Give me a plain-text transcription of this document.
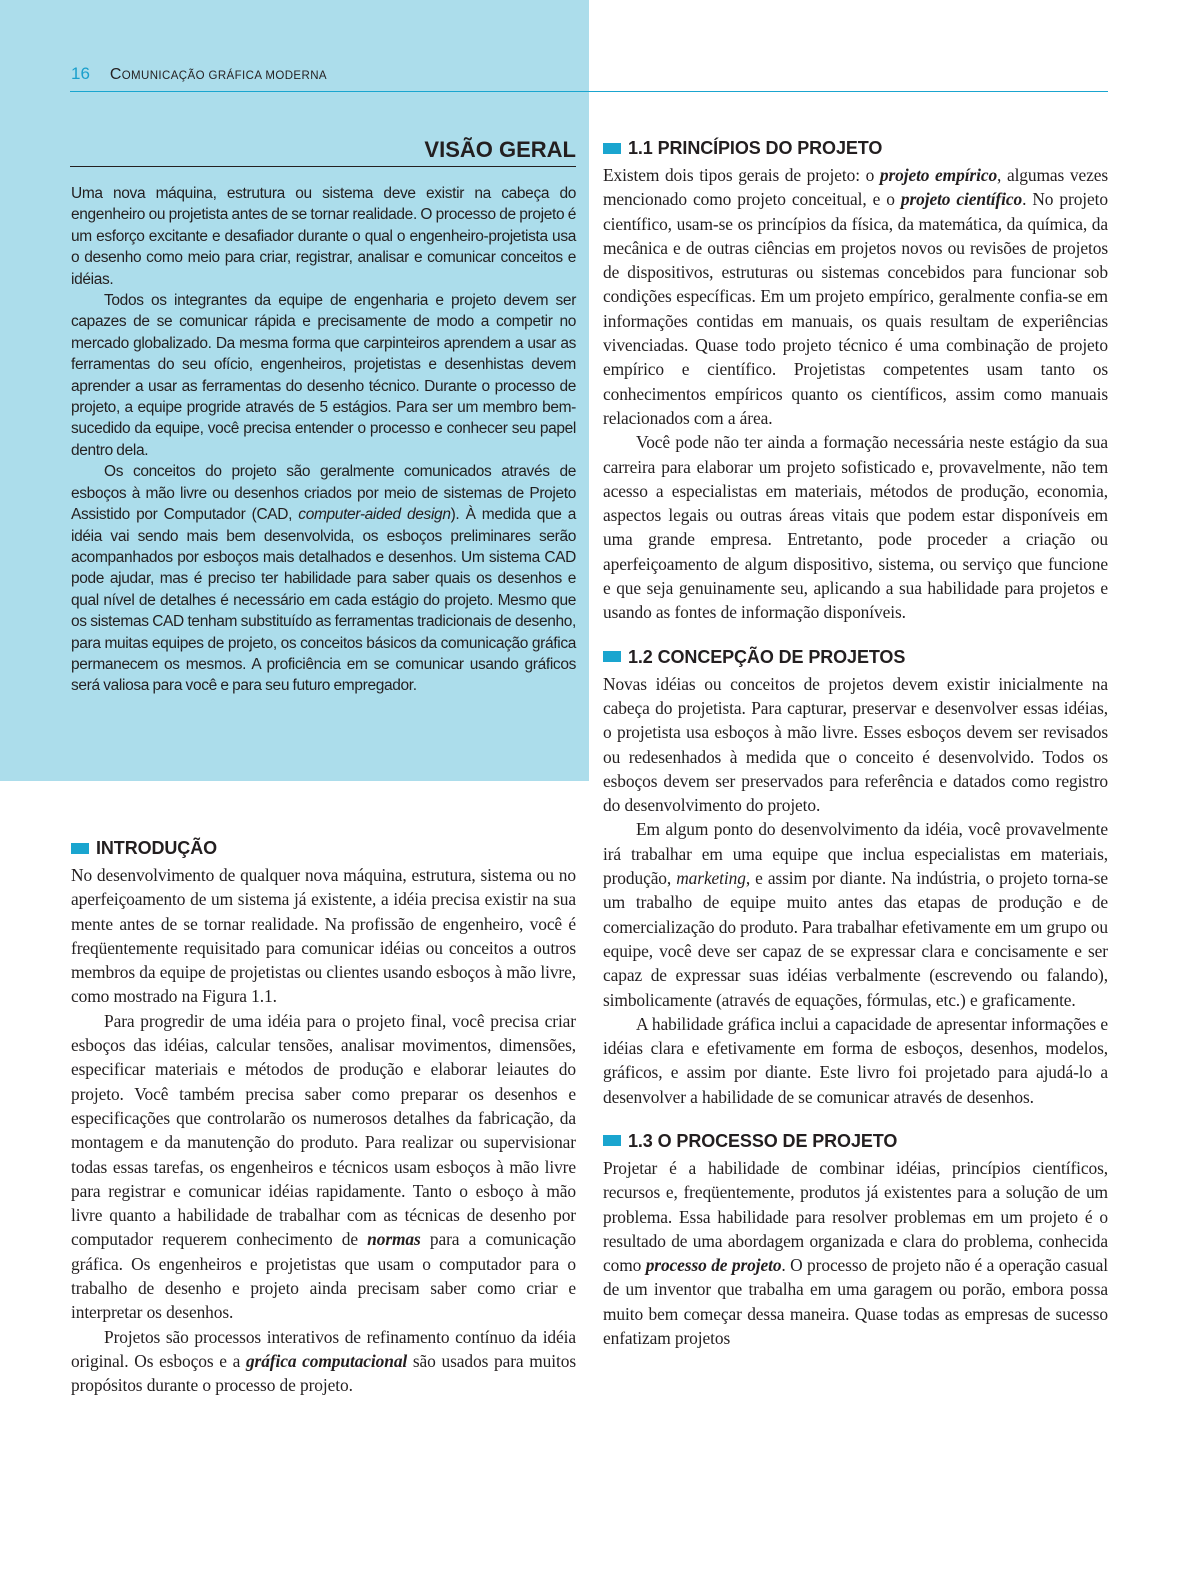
16 COMUNICAÇÃO GRÁFICA MODERNA
VISÃO GERAL

Uma nova máquina, estrutura ou sistema deve existir na cabeça do engenheiro ou projetista antes de se tornar realidade. O processo de projeto é um esforço excitante e desafiador durante o qual o engenheiro-projetista usa o desenho como meio para criar, registrar, analisar e comunicar conceitos e idéias.

Todos os integrantes da equipe de engenharia e projeto devem ser capazes de se comunicar rápida e precisamente de modo a competir no mercado globalizado. Da mesma forma que carpinteiros aprendem a usar as ferramentas do seu ofício, engenheiros, projetistas e desenhistas devem aprender a usar as ferramentas do desenho técnico. Durante o processo de projeto, a equipe progride através de 5 estágios. Para ser um membro bem-sucedido da equipe, você precisa entender o processo e conhecer seu papel dentro dela.

Os conceitos do projeto são geralmente comunicados através de esboços à mão livre ou desenhos criados por meio de sistemas de Projeto Assistido por Computador (CAD, computer-aided design). À medida que a idéia vai sendo mais bem desenvolvida, os esboços preliminares serão acompanhados por esboços mais detalhados e desenhos. Um sistema CAD pode ajudar, mas é preciso ter habilidade para saber quais os desenhos e qual nível de detalhes é necessário em cada estágio do projeto. Mesmo que os sistemas CAD tenham substituído as ferramentas tradicionais de desenho, para muitas equipes de projeto, os conceitos básicos da comunicação gráfica permanecem os mesmos. A proficiência em se comunicar usando gráficos será valiosa para você e para seu futuro empregador.

INTRODUÇÃO

No desenvolvimento de qualquer nova máquina, estrutura, sistema ou no aperfeiçoamento de um sistema já existente, a idéia precisa existir na sua mente antes de se tornar realidade. Na profissão de engenheiro, você é freqüentemente requisitado para comunicar idéias ou conceitos a outros membros da equipe de projetistas ou clientes usando esboços à mão livre, como mostrado na Figura 1.1.

Para progredir de uma idéia para o projeto final, você precisa criar esboços das idéias, calcular tensões, analisar movimentos, dimensões, especificar materiais e métodos de produção e elaborar leiautes do projeto. Você também precisa saber como preparar os desenhos e especificações que controlarão os numerosos detalhes da fabricação, da montagem e da manutenção do produto. Para realizar ou supervisionar todas essas tarefas, os engenheiros e técnicos usam esboços à mão livre para registrar e comunicar idéias rapidamente. Tanto o esboço à mão livre quanto a habilidade de trabalhar com as técnicas de desenho por computador requerem conhecimento de normas para a comunicação gráfica. Os engenheiros e projetistas que usam o computador para o trabalho de desenho e projeto ainda precisam saber como criar e interpretar os desenhos.

Projetos são processos interativos de refinamento contínuo da idéia original. Os esboços e a gráfica computacional são usados para muitos propósitos durante o processo de projeto.

1.1 PRINCÍPIOS DO PROJETO

Existem dois tipos gerais de projeto: o projeto empírico, algumas vezes mencionado como projeto conceitual, e o projeto científico. No projeto científico, usam-se os princípios da física, da matemática, da química, da mecânica e de outras ciências em projetos novos ou revisões de projetos de dispositivos, estruturas ou sistemas concebidos para funcionar sob condições específicas. Em um projeto empírico, geralmente confia-se em informações contidas em manuais, os quais resultam de experiências vivenciadas. Quase todo projeto técnico é uma combinação de projeto empírico e científico. Projetistas competentes usam tanto os conhecimentos empíricos quanto os científicos, assim como manuais relacionados com a área.

Você pode não ter ainda a formação necessária neste estágio da sua carreira para elaborar um projeto sofisticado e, provavelmente, não tem acesso a especialistas em materiais, métodos de produção, economia, aspectos legais ou outras áreas vitais que podem estar disponíveis em uma grande empresa. Entretanto, pode proceder a criação ou aperfeiçoamento de algum dispositivo, sistema, ou serviço que funcione e que seja genuinamente seu, aplicando a sua habilidade para projetos e usando as fontes de informação disponíveis.

1.2 CONCEPÇÃO DE PROJETOS

Novas idéias ou conceitos de projetos devem existir inicialmente na cabeça do projetista. Para capturar, preservar e desenvolver essas idéias, o projetista usa esboços à mão livre. Esses esboços devem ser revisados ou redesenhados à medida que o conceito é desenvolvido. Todos os esboços devem ser preservados para referência e datados como registro do desenvolvimento do projeto.

Em algum ponto do desenvolvimento da idéia, você provavelmente irá trabalhar em uma equipe que inclua especialistas em materiais, produção, marketing, e assim por diante. Na indústria, o projeto torna-se um trabalho de equipe muito antes das etapas de produção e de comercialização do produto. Para trabalhar efetivamente em um grupo ou equipe, você deve ser capaz de se expressar clara e concisamente e ser capaz de expressar suas idéias verbalmente (escrevendo ou falando), simbolicamente (através de equações, fórmulas, etc.) e graficamente.

A habilidade gráfica inclui a capacidade de apresentar informações e idéias clara e efetivamente em forma de esboços, desenhos, modelos, gráficos, e assim por diante. Este livro foi projetado para ajudá-lo a desenvolver a habilidade de se comunicar através de desenhos.

1.3 O PROCESSO DE PROJETO

Projetar é a habilidade de combinar idéias, princípios científicos, recursos e, freqüentemente, produtos já existentes para a solução de um problema. Essa habilidade para resolver problemas em um projeto é o resultado de uma abordagem organizada e clara do problema, conhecida como processo de projeto. O processo de projeto não é a operação casual de um inventor que trabalha em uma garagem ou porão, embora possa muito bem começar dessa maneira. Quase todas as empresas de sucesso enfatizam projetos
